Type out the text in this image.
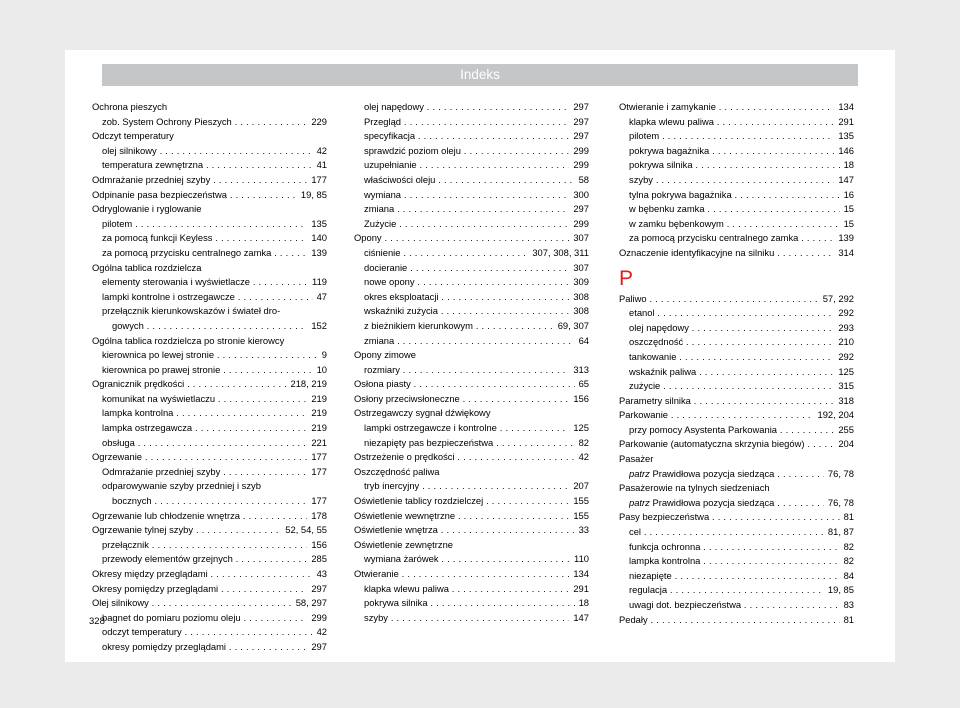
Indeks
Ochrona pieszych
zob. System Ochrony Pieszych . . .	229
Odczyt temperatury
olej silnikowy . . .	42
temperatura zewnętrzna . . .	41
Odmrażanie przedniej szyby . . .	177
Odpinanie pasa bezpieczeństwa . . .	19, 85
Odryglowanie i ryglowanie
pilotem . . .	135
za pomocą funkcji Keyless . . .	140
za pomocą przycisku centralnego zamka . . .	139
Ogólna tablica rozdzielcza
elementy sterowania i wyświetlacze . . .	119
lampki kontrolne i ostrzegawcze . . .	47
przełącznik kierunkowskazów i świateł dro-
gowych . . .	152
Ogólna tablica rozdzielcza po stronie kierowcy
kierownica po lewej stronie . . .	9
kierownica po prawej stronie . . .	10
Ogranicznik prędkości . . .	218, 219
komunikat na wyświetlaczu . . .	219
lampka kontrolna . . .	219
lampka ostrzegawcza . . .	219
obsługa . . .	221
Ogrzewanie . . .	177
Odmrażanie przedniej szyby . . .	177
odparowywanie szyby przedniej i szyb
bocznych . . .	177
Ogrzewanie lub chłodzenie wnętrza . . .	178
Ogrzewanie tylnej szyby . . .	52, 54, 55
przełącznik . . .	156
przewody elementów grzejnych . . .	285
Okresy między przeglądami . . .	43
Okresy pomiędzy przeglądami . . .	297
Olej silnikowy . . .	58, 297
bagnet do pomiaru poziomu oleju . . .	299
odczyt temperatury . . .	42
okresy pomiędzy przeglądami . . .	297
olej napędowy . . .	297
Przegląd . . .	297
specyfikacja . . .	297
sprawdzić poziom oleju . . .	299
uzupełnianie . . .	299
właściwości oleju . . .	58
wymiana . . .	300
zmiana . . .	297
Zużycie . . .	299
Opony . . .	307
ciśnienie . . .	307, 308, 311
docieranie . . .	307
nowe opony . . .	309
okres eksploatacji . . .	308
wskaźniki zużycia . . .	308
z bieżnikiem kierunkowym . . .	69, 307
zmiana . . .	64
Opony zimowe
rozmiary . . .	313
Osłona piasty . . .	65
Osłony przeciwsłoneczne . . .	156
Ostrzegawczy sygnał dźwiękowy
lampki ostrzegawcze i kontrolne . . .	125
niezapięty pas bezpieczeństwa . . .	82
Ostrzeżenie o prędkości . . .	42
Oszczędność paliwa
tryb inercyjny . . .	207
Oświetlenie tablicy rozdzielczej . . .	155
Oświetlenie wewnętrzne . . .	155
Oświetlenie wnętrza . . .	33
Oświetlenie zewnętrzne
wymiana żarówek . . .	110
Otwieranie . . .	134
klapka wlewu paliwa . . .	291
pokrywa silnika . . .	18
szyby . . .	147
Otwieranie i zamykanie . . .	134
klapka wlewu paliwa . . .	291
pilotem . . .	135
pokrywa bagażnika . . .	146
pokrywa silnika . . .	18
szyby . . .	147
tylna pokrywa bagażnika . . .	16
w bębenku zamka . . .	15
w zamku bębenkowym . . .	15
za pomocą przycisku centralnego zamka . . .	139
Oznaczenie identyfikacyjne na silniku . . .	314
P
Paliwo . . .	57, 292
etanol . . .	292
olej napędowy . . .	293
oszczędność . . .	210
tankowanie . . .	292
wskaźnik paliwa . . .	125
zużycie . . .	315
Parametry silnika . . .	318
Parkowanie . . .	192, 204
przy pomocy Asystenta Parkowania . . .	255
Parkowanie (automatyczna skrzynia biegów) . . .	204
Pasażer
patrz Prawidłowa pozycja siedząca . . .	76, 78
Pasażerowie na tylnych siedzeniach
patrz Prawidłowa pozycja siedząca . . .	76, 78
Pasy bezpieczeństwa . . .	81
cel . . .	81, 87
funkcja ochronna . . .	82
lampka kontrolna . . .	82
niezapięte . . .	84
regulacja . . .	19, 85
uwagi dot. bezpieczeństwa . . .	83
Pedały . . .	81
328
